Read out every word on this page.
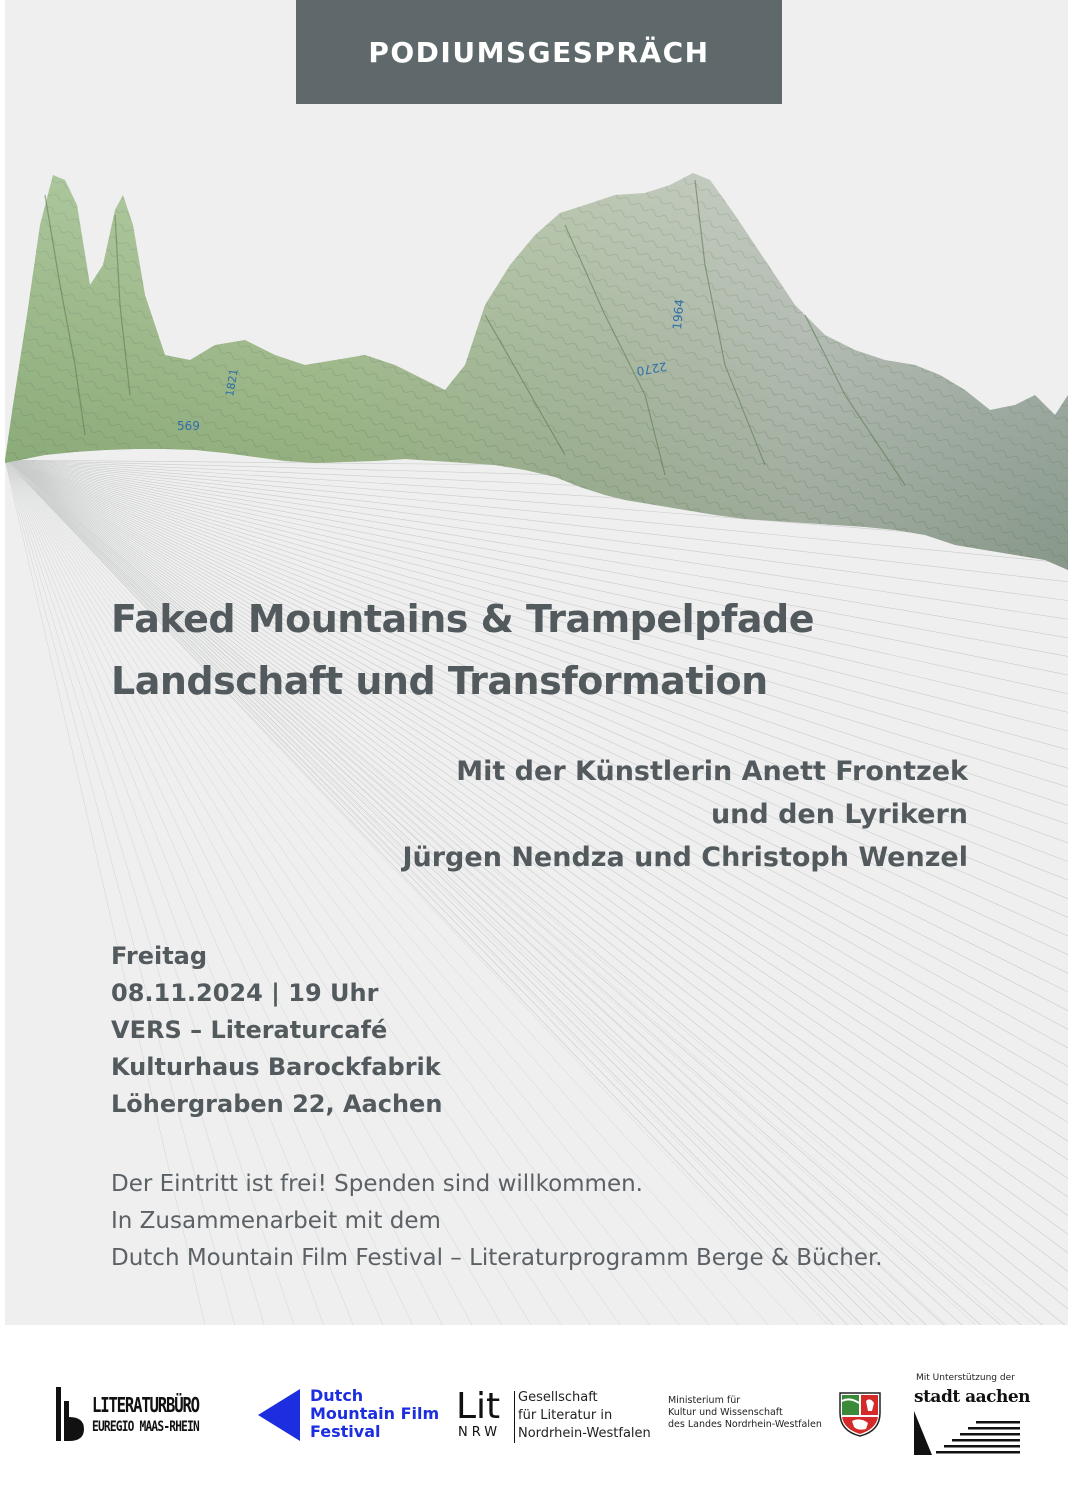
569
1821
1964
2270
PODIUMSGESPRÄCH
Faked Mountains & Trampelpfade
Landschaft und Transformation
Mit der Künstlerin Anett Frontzek
und den Lyrikern
Jürgen Nendza und Christoph Wenzel
Freitag
08.11.2024 | 19 Uhr
VERS – Literaturcafé
Kulturhaus Barockfabrik
Löhergraben 22, Aachen
Der Eintritt ist frei! Spenden sind willkommen.
In Zusammenarbeit mit dem
Dutch Mountain Film Festival – Literaturprogramm Berge & Bücher.
LITERATURBÜRO
EUREGIO MAAS-RHEIN
Dutch
Mountain Film
Festival
Lit
NRW
Gesellschaft
für Literatur in
Nordrhein-Westfalen
Ministerium für
Kultur und Wissenschaft
des Landes Nordrhein-Westfalen
Mit Unterstützung der
stadt aachen
